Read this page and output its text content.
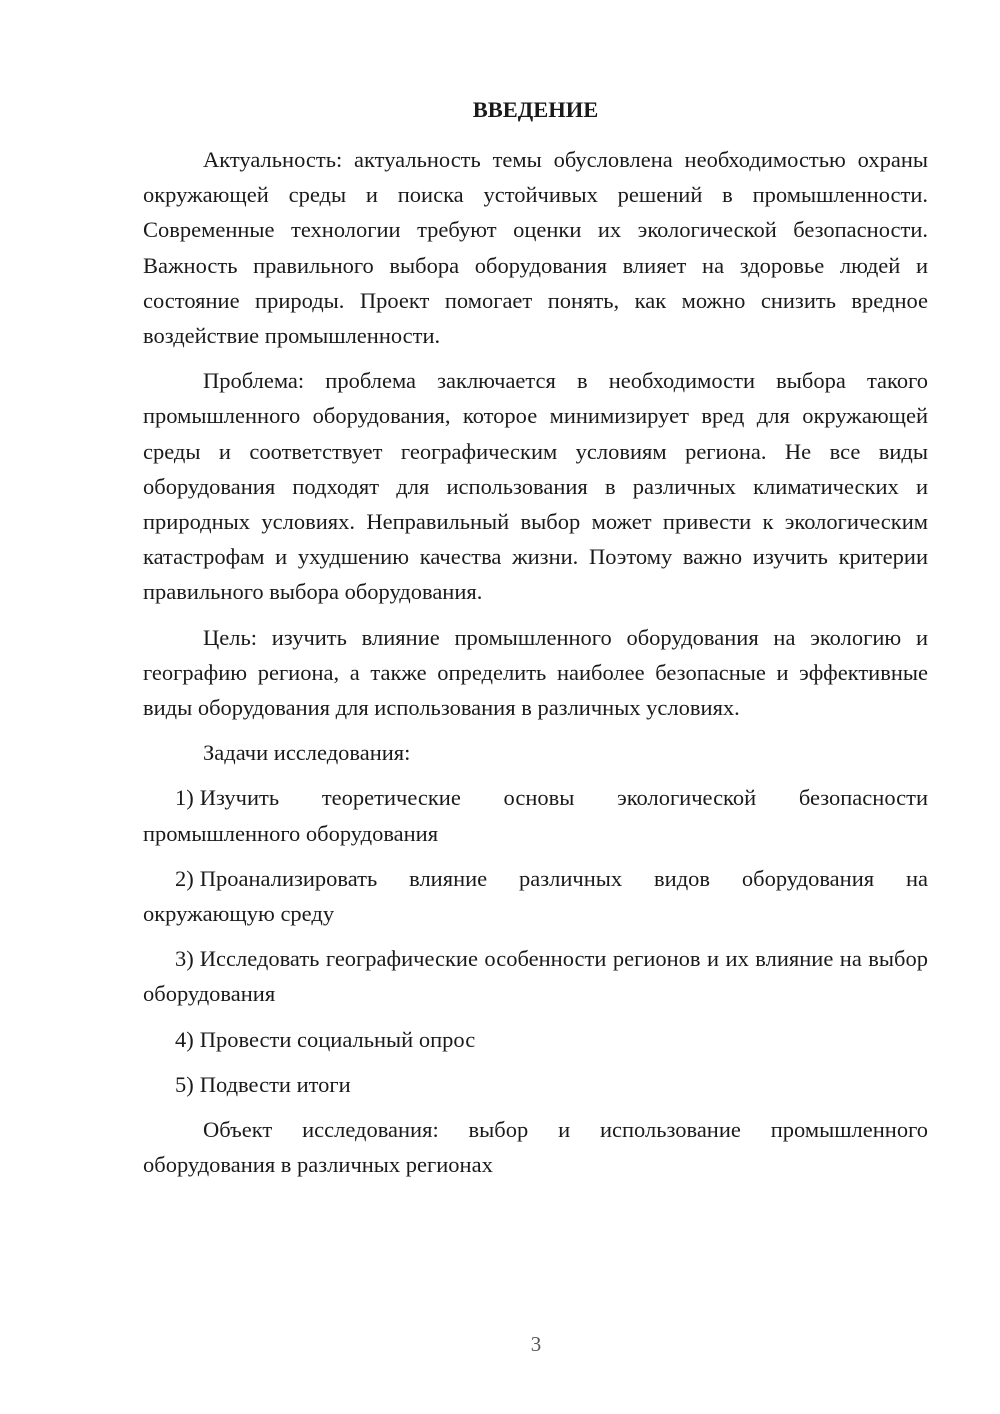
ВВЕДЕНИЕ

Актуальность: актуальность темы обусловлена необходимостью охраны окружающей среды и поиска устойчивых решений в промышленности. Современные технологии требуют оценки их экологической безопасности. Важность правильного выбора оборудования влияет на здоровье людей и состояние природы. Проект помогает понять, как можно снизить вредное воздействие промышленности.

Проблема: проблема заключается в необходимости выбора такого промышленного оборудования, которое минимизирует вред для окружающей среды и соответствует географическим условиям региона. Не все виды оборудования подходят для использования в различных климатических и природных условиях. Неправильный выбор может привести к экологическим катастрофам и ухудшению качества жизни. Поэтому важно изучить критерии правильного выбора оборудования.

Цель: изучить влияние промышленного оборудования на экологию и географию региона, а также определить наиболее безопасные и эффективные виды оборудования для использования в различных условиях.

Задачи исследования:

1) Изучить теоретические основы экологической безопасности промышленного оборудования

2) Проанализировать влияние различных видов оборудования на окружающую среду

3) Исследовать географические особенности регионов и их влияние на выбор оборудования

4) Провести социальный опрос

5) Подвести итоги

Объект исследования: выбор и использование промышленного оборудования в различных регионах

3
